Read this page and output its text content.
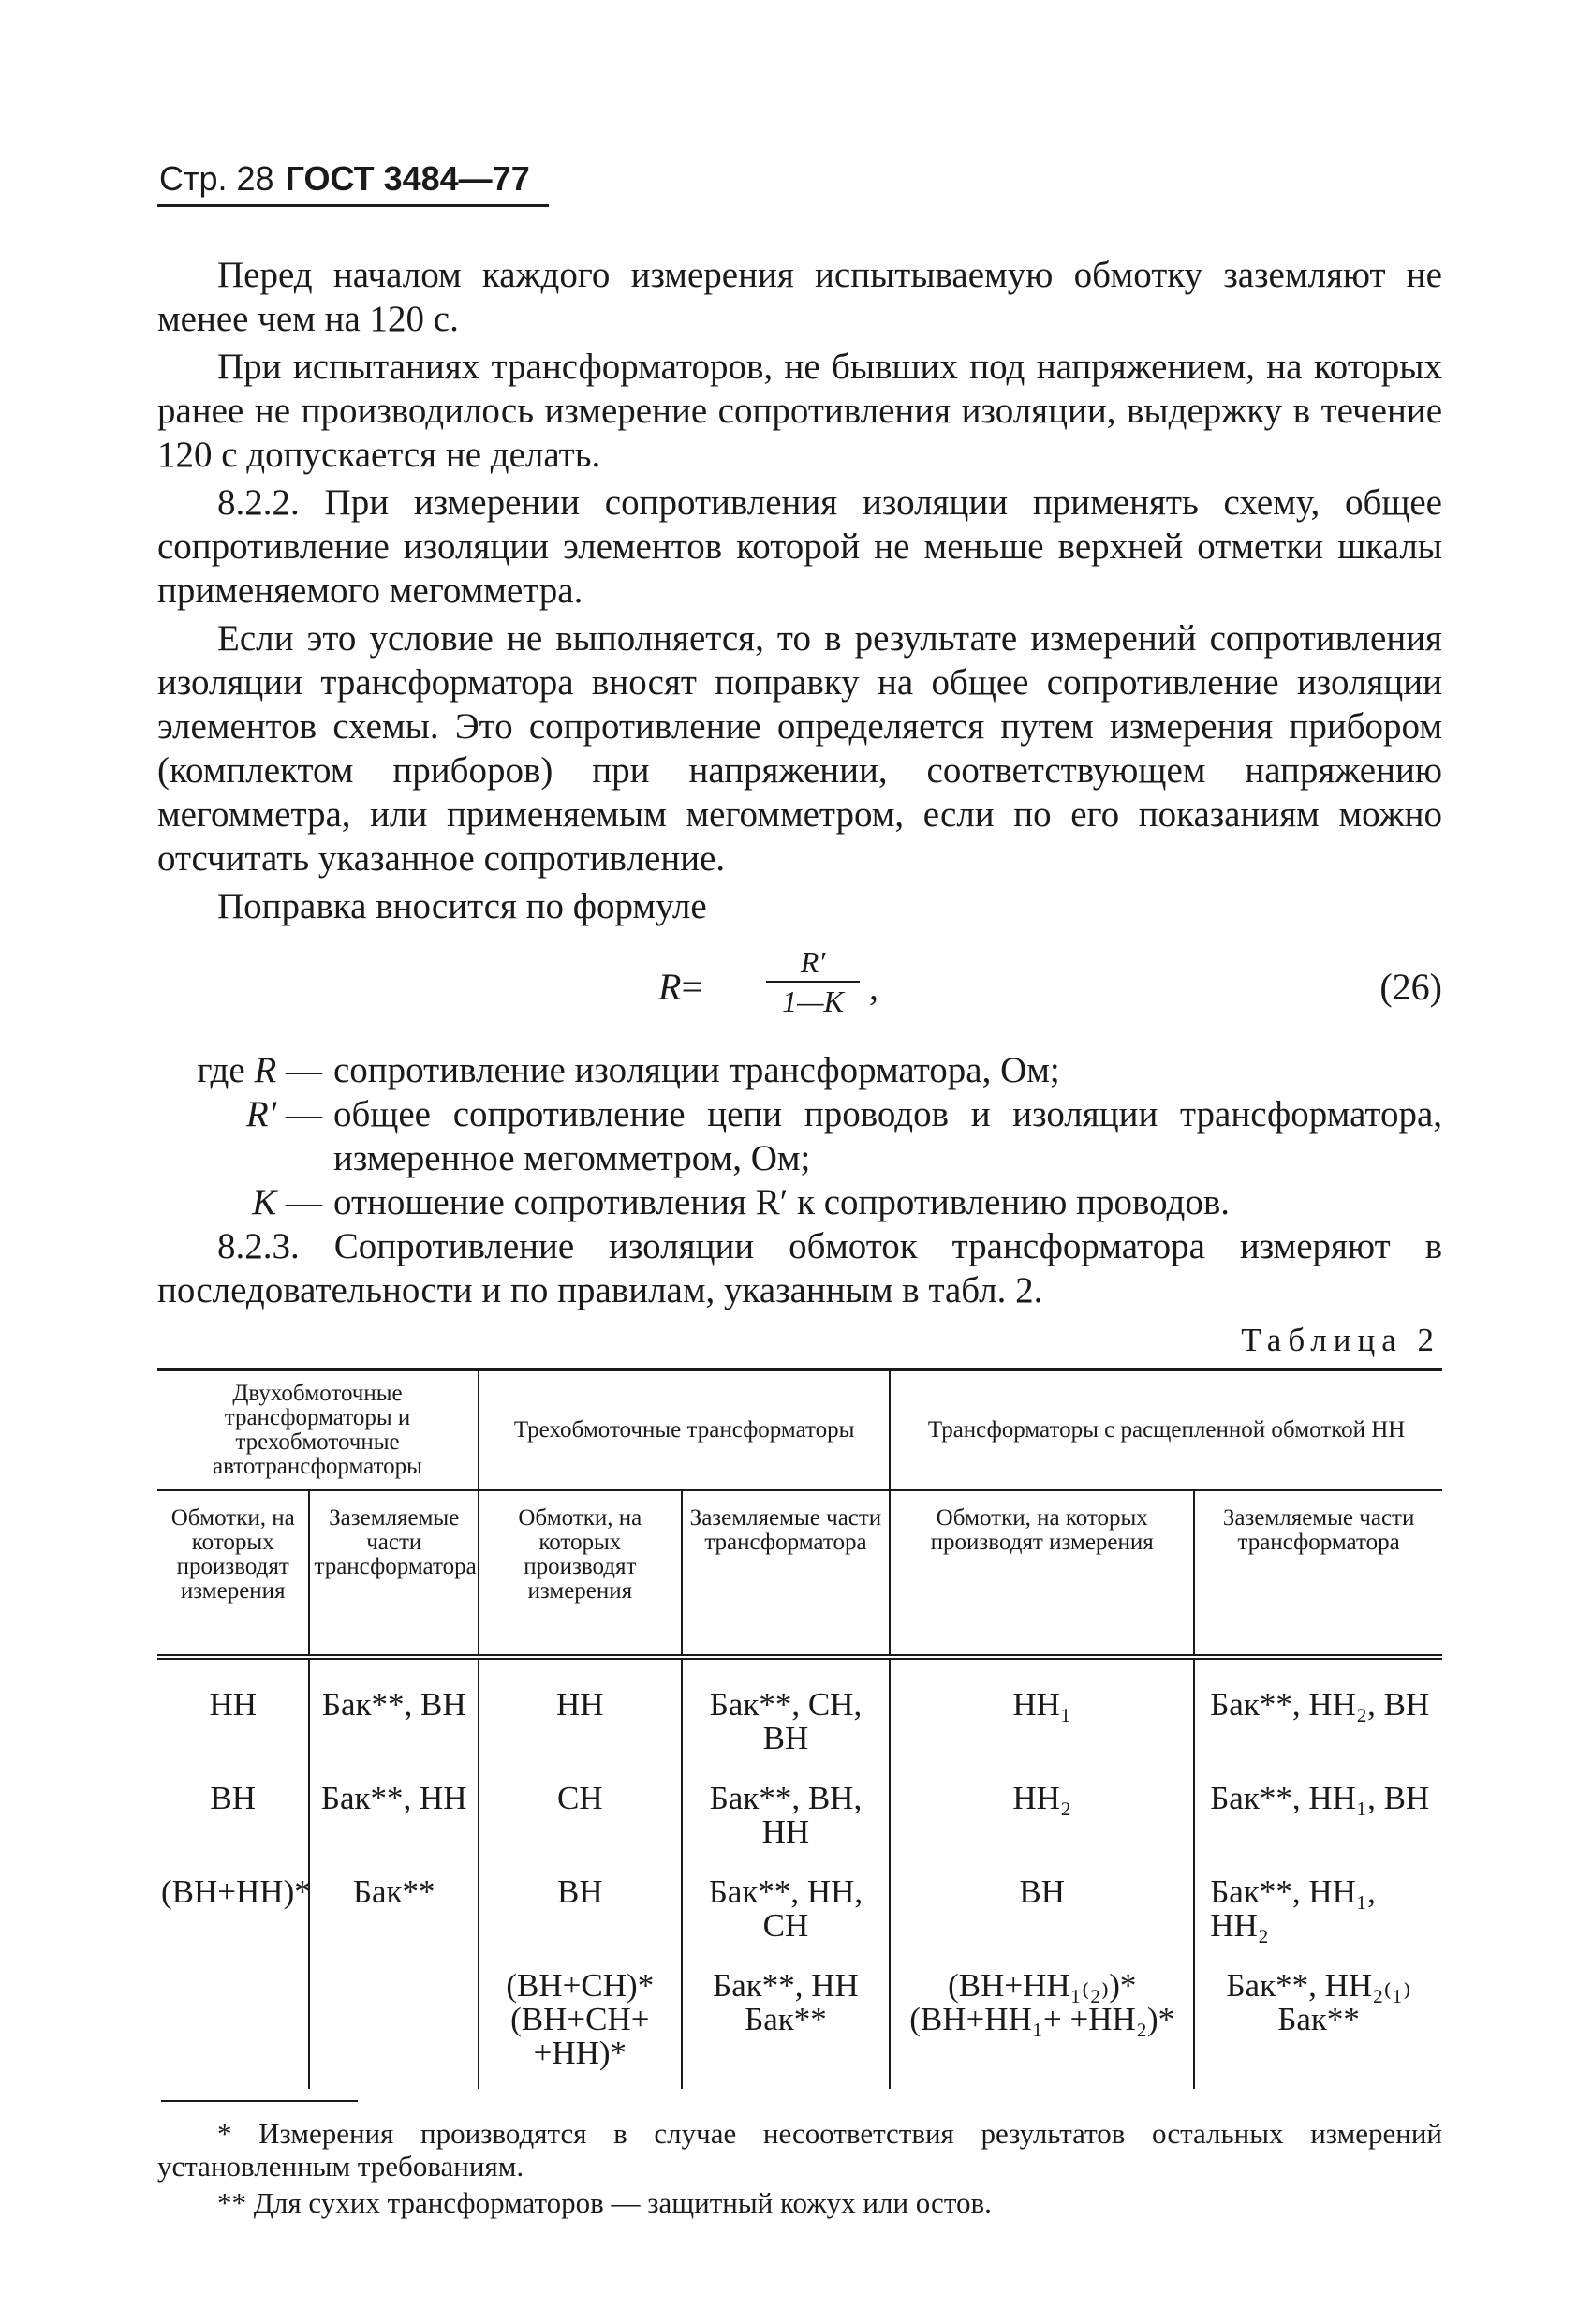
Стр. 28 ГОСТ 3484—77

Перед началом каждого измерения испытываемую обмотку заземляют не менее чем на 120 с.

При испытаниях трансформаторов, не бывших под напряжением, на которых ранее не производилось измерение сопротивления изоляции, выдержку в течение 120 с допускается не делать.

8.2.2. При измерении сопротивления изоляции применять схему, общее сопротивление изоляции элементов которой не меньше верхней отметки шкалы применяемого мегомметра.

Если это условие не выполняется, то в результате измерений сопротивления изоляции трансформатора вносят поправку на общее сопротивление изоляции элементов схемы. Это сопротивление определяется путем измерения прибором (комплектом приборов) при напряжении, соответствующем напряжению мегомметра, или применяемым мегомметром, если по его показаниям можно отсчитать указанное сопротивление.

Поправка вносится по формуле

R=
R′
1—K ,	(26)
где R — сопротивление изоляции трансформатора, Ом;
R′ — общее сопротивление цепи проводов и изоляции трансформатора, измеренное мегомметром, Ом;
K — отношение сопротивления R′ к сопротивлению проводов.

8.2.3. Сопротивление изоляции обмоток трансформатора измеряют в последовательности и по правилам, указанным в табл. 2.

Таблица 2
Двухобмоточные трансформаторы и трехобмоточные автотрансформаторы		Трехобмоточные трансформаторы		Трансформаторы с расщепленной обмоткой НН	
Обмотки, на которых производят измерения	Заземляемые части трансформатора	Обмотки, на которых производят измерения	Заземляемые части трансформатора	Обмотки, на которых производят измерения	Заземляемые части трансформатора
НН	Бак**, ВН	НН	Бак**, СН, ВН	НН₁	Бак**, НН₂, ВН
ВН	Бак**, НН	СН	Бак**, ВН, НН	НН₂	Бак**, НН₁, ВН
(ВН+НН)*	Бак**	ВН	Бак**, НН, СН	ВН	Бак**, НН₁, НН₂
		(ВН+СН)* (ВН+СН+ +НН)*	Бак**, НН Бак**	(ВН+НН₁₍₂₎)* (ВН+НН₁+ +НН₂)*	Бак**, НН₂₍₁₎ Бак**

* Измерения производятся в случае несоответствия результатов остальных измерений установленным требованиям.

** Для сухих трансформаторов — защитный кожух или остов.
